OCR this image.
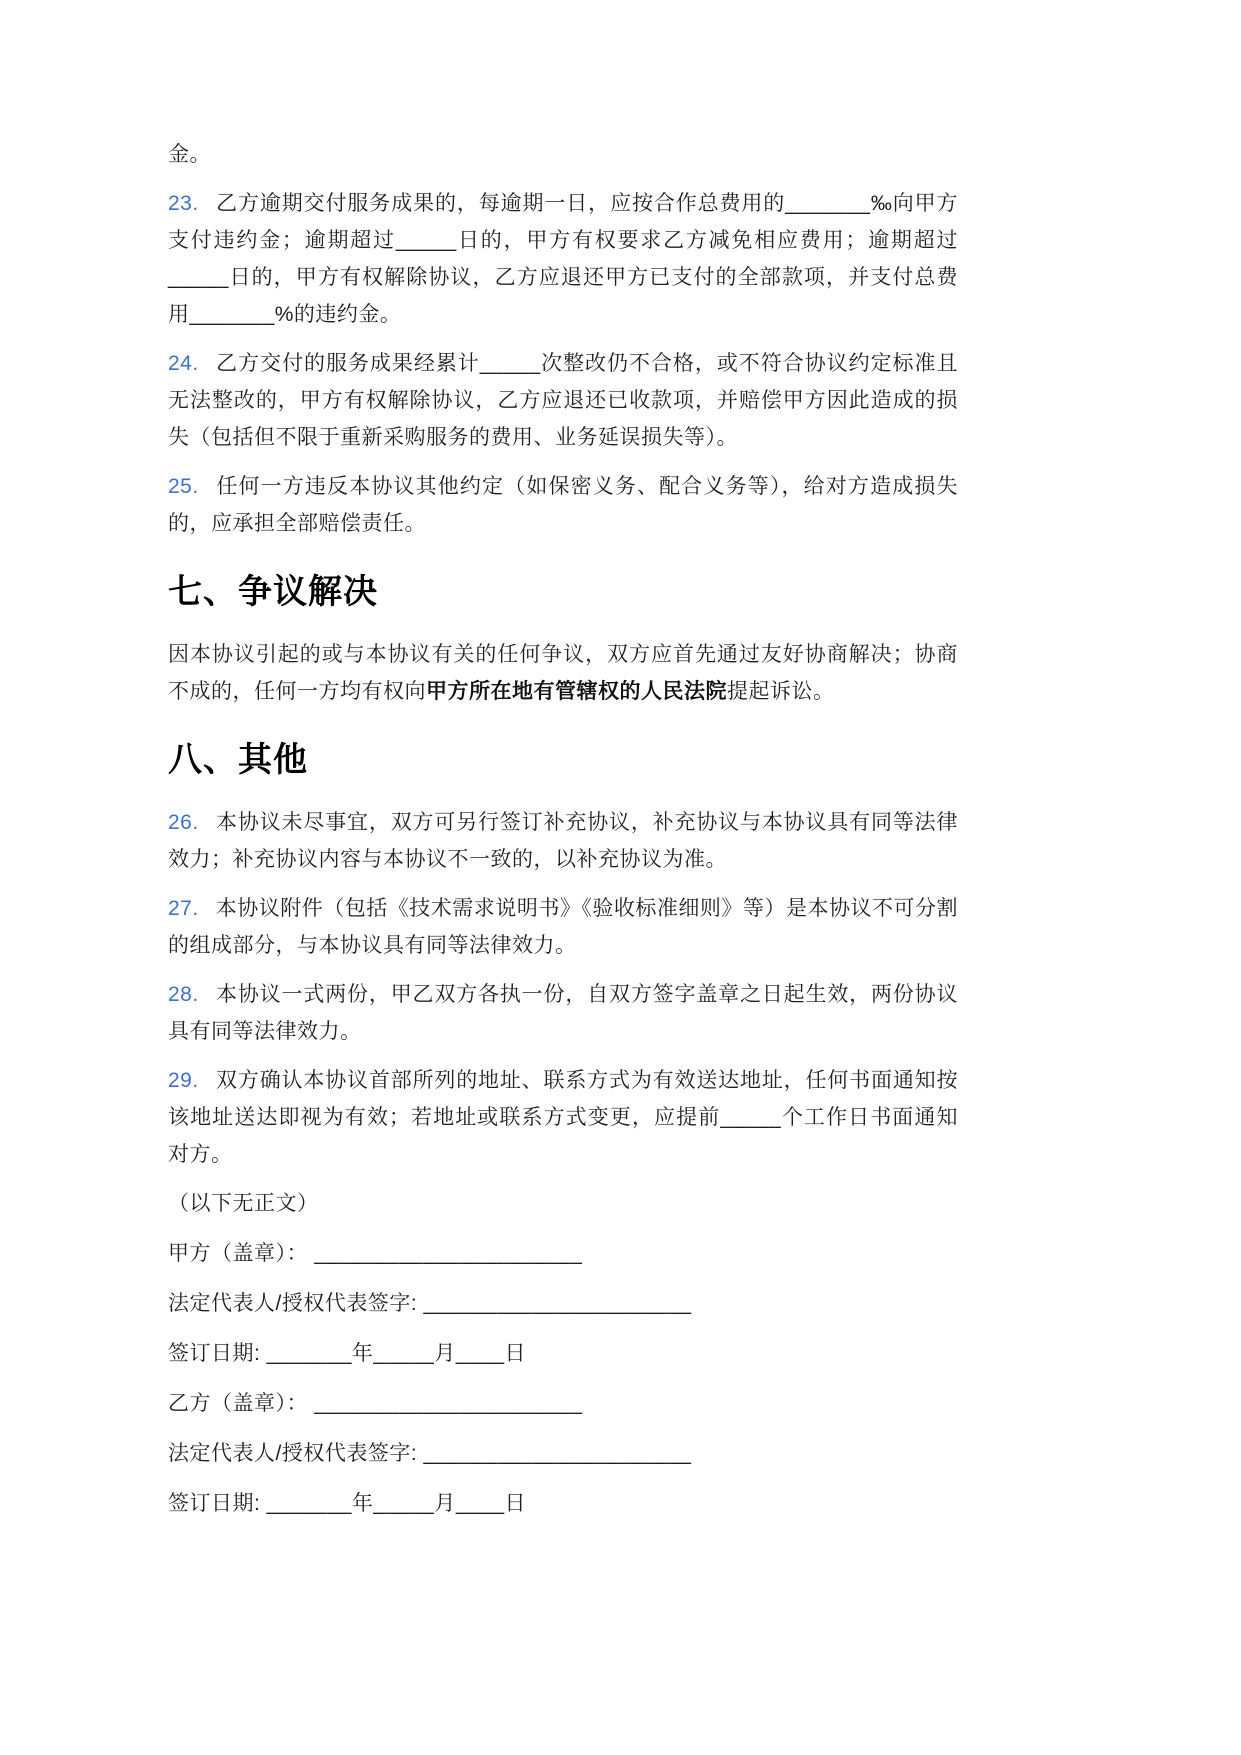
金。

23. 乙方逾期交付服务成果的，每逾期一日，应按合作总费用的_______‰向甲方支付违约金；逾期超过_____日的，甲方有权要求乙方减免相应费用；逾期超过_____日的，甲方有权解除协议，乙方应退还甲方已支付的全部款项，并支付总费用_______%的违约金。

24. 乙方交付的服务成果经累计_____次整改仍不合格，或不符合协议约定标准且无法整改的，甲方有权解除协议，乙方应退还已收款项，并赔偿甲方因此造成的损失（包括但不限于重新采购服务的费用、业务延误损失等）。

25. 任何一方违反本协议其他约定（如保密义务、配合义务等），给对方造成损失的，应承担全部赔偿责任。

七、争议解决

因本协议引起的或与本协议有关的任何争议，双方应首先通过友好协商解决；协商不成的，任何一方均有权向甲方所在地有管辖权的人民法院提起诉讼。

八、其他

26. 本协议未尽事宜，双方可另行签订补充协议，补充协议与本协议具有同等法律效力；补充协议内容与本协议不一致的，以补充协议为准。

27. 本协议附件（包括《技术需求说明书》《验收标准细则》等）是本协议不可分割的组成部分，与本协议具有同等法律效力。

28. 本协议一式两份，甲乙双方各执一份，自双方签字盖章之日起生效，两份协议具有同等法律效力。

29. 双方确认本协议首部所列的地址、联系方式为有效送达地址，任何书面通知按该地址送达即视为有效；若地址或联系方式变更，应提前_____个工作日书面通知对方。

（以下无正文）

甲方（盖章）： ______________________

法定代表人/授权代表签字: ______________________

签订日期: _______年_____月____日

乙方（盖章）： ______________________

法定代表人/授权代表签字: ______________________

签订日期: _______年_____月____日
